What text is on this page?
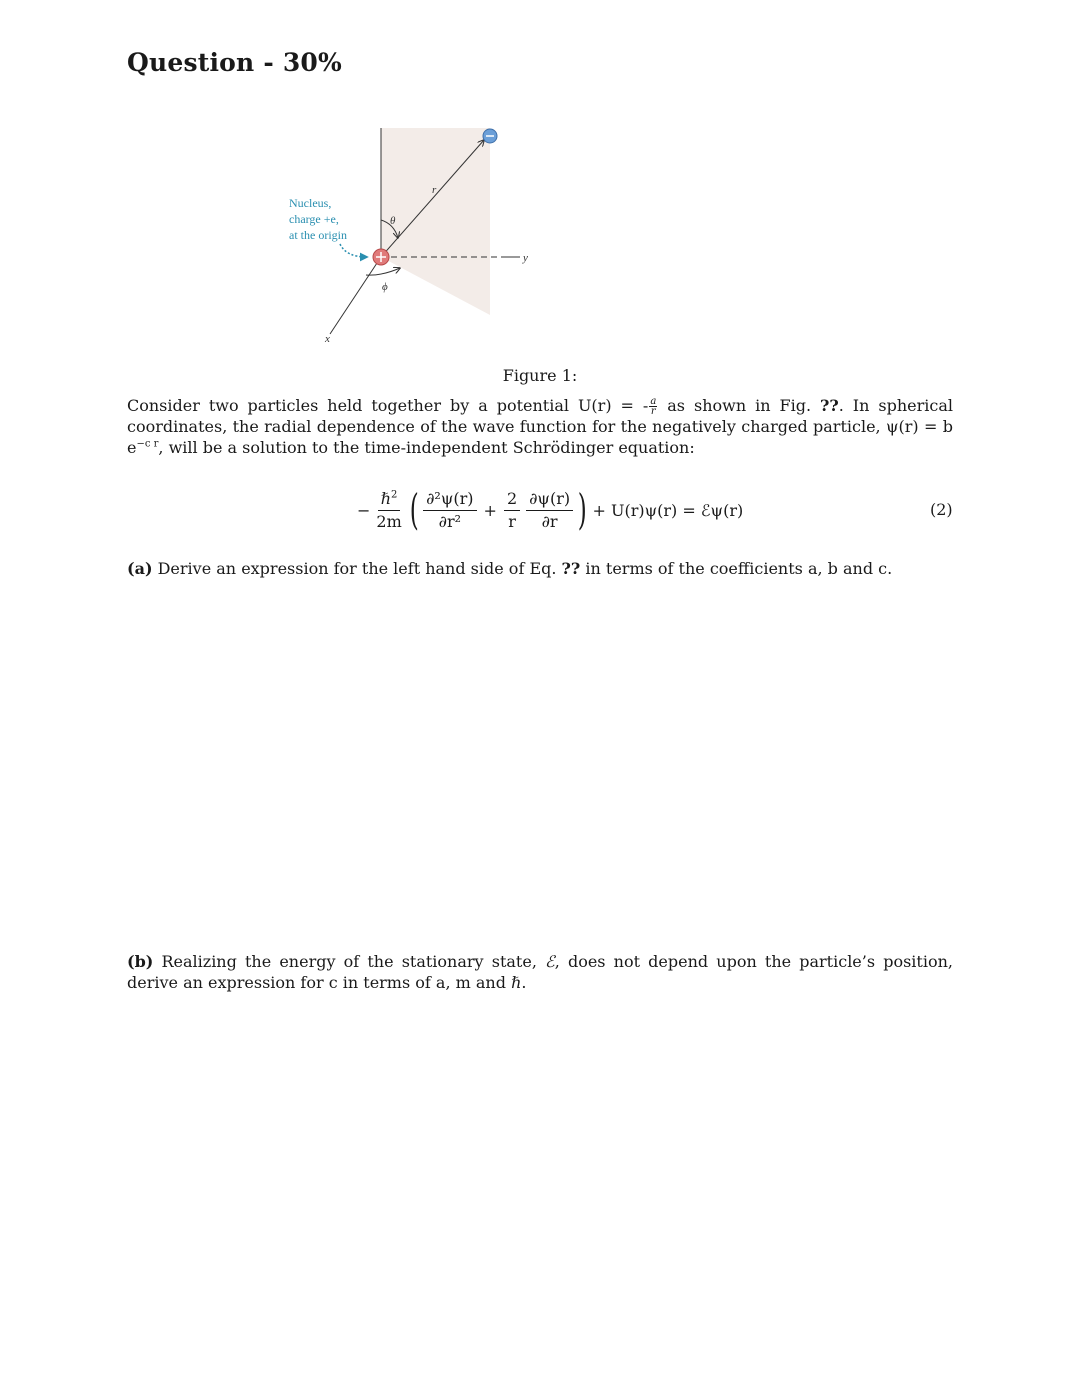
Question - 30%
Nucleus,
charge +e,
at the origin
θ
r
ϕ
x
y
Figure 1:
Consider two particles held together by a potential U(r) = - $\frac{a}{r}$ as shown in Fig. ??. In spherical coordinates, the radial dependence of the wave function for the negatively charged particle, ψ(r) = b $e^{-c r}$, will be a solution to the time-independent Schrödinger equation:
− $\frac{\hbar^2}{2m}$ ( $\frac{\text{∂²ψ(r)}}{\text{∂r²}} + \frac{2}{r} \frac{\partial\psi(r)}{\partial r}$ ) + U(r)ψ(r) = ℰψ(r)	(2)
(a) Derive an expression for the left hand side of Eq. ?? in terms of the coefficients a, b and c.
(b) Realizing the energy of the stationary state, ℰ, does not depend upon the particle’s position, derive an expression for c in terms of a, m and ℏ.
